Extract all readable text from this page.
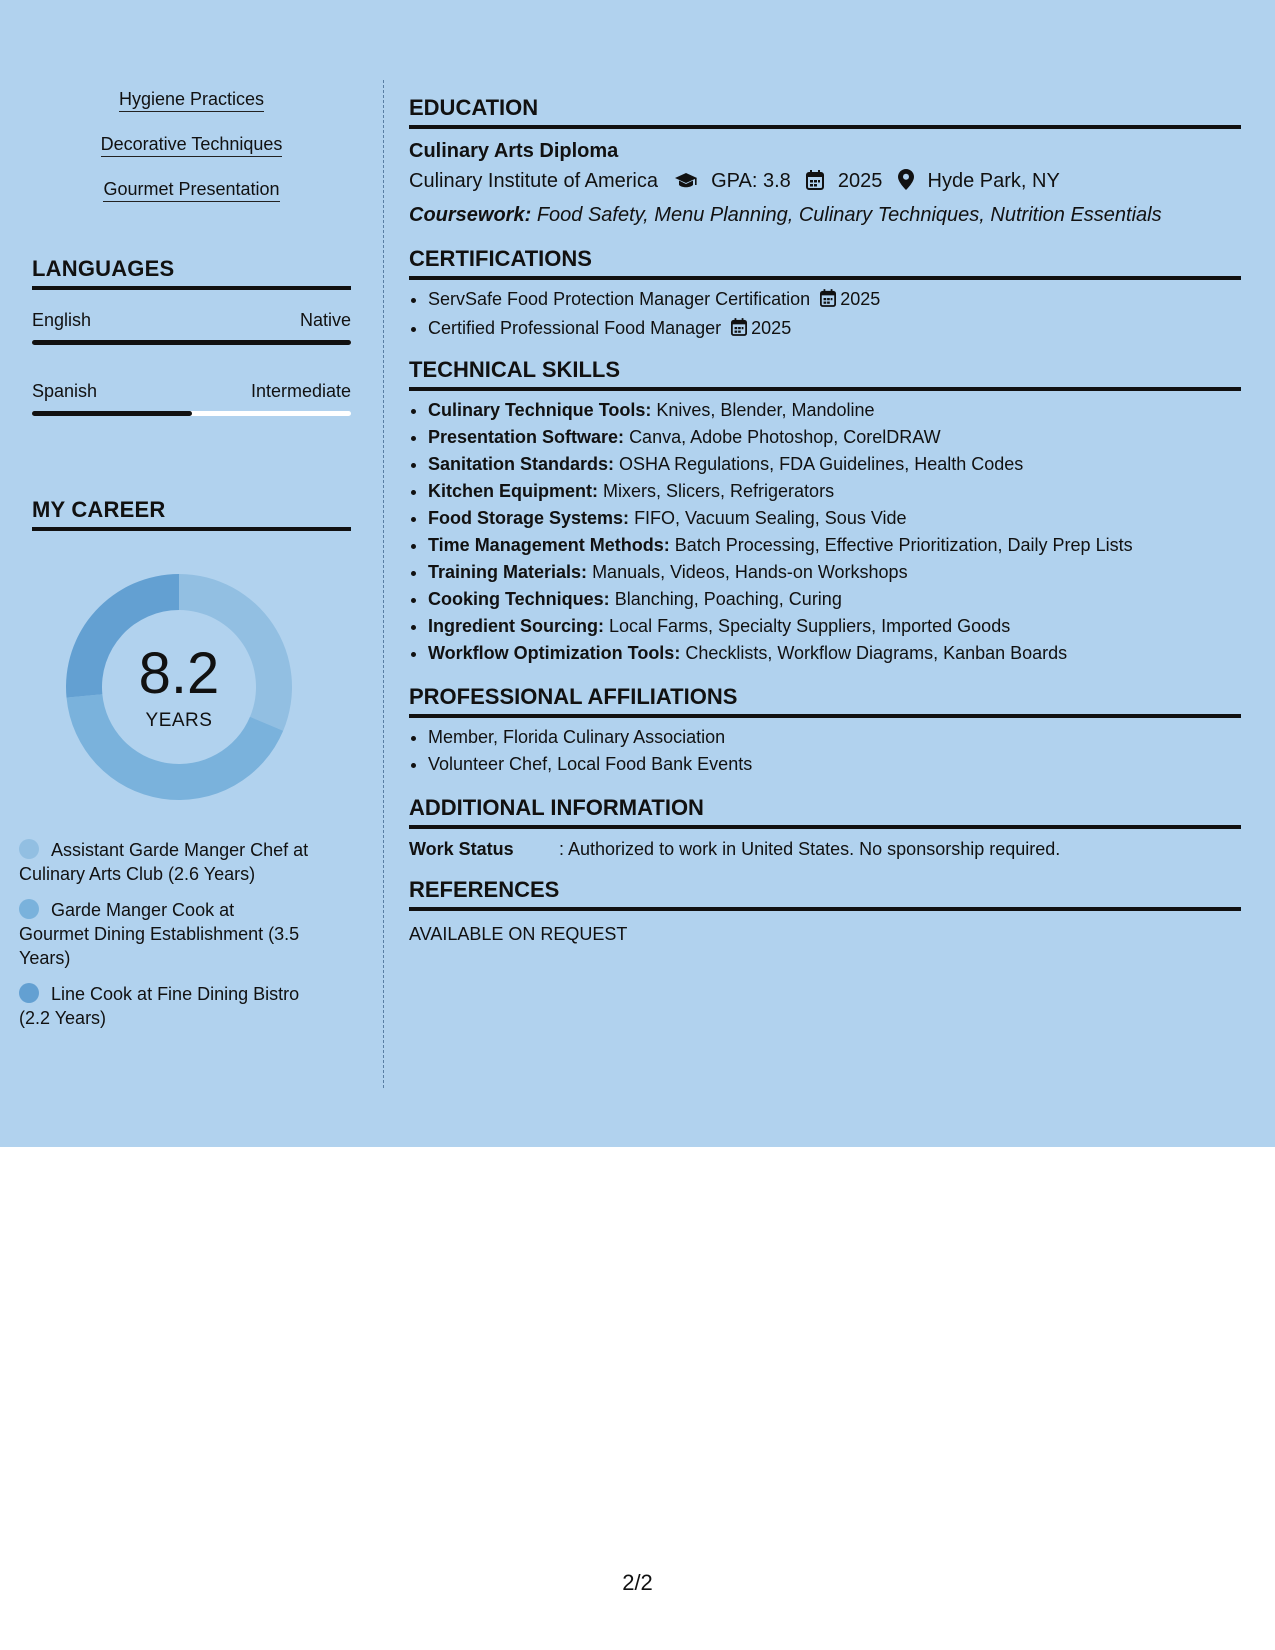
Hygiene Practices
Decorative Techniques
Gourmet Presentation
LANGUAGES
English	Native
Spanish	Intermediate
MY CAREER
8.2
YEARS
Assistant Garde Manger Chef at Culinary Arts Club (2.6 Years)
Garde Manger Cook at Gourmet Dining Establishment (3.5 Years)
Line Cook at Fine Dining Bistro (2.2 Years)
EDUCATION
Culinary Arts Diploma
Culinary Institute of America	GPA: 3.8 2025 Hyde Park, NY
Coursework: Food Safety, Menu Planning, Culinary Techniques, Nutrition Essentials
CERTIFICATIONS
• ServSafe Food Protection Manager Certification 2025
• Certified Professional Food Manager 2025
TECHNICAL SKILLS
• Culinary Technique Tools: Knives, Blender, Mandoline
• Presentation Software: Canva, Adobe Photoshop, CorelDRAW
• Sanitation Standards: OSHA Regulations, FDA Guidelines, Health Codes
• Kitchen Equipment: Mixers, Slicers, Refrigerators
• Food Storage Systems: FIFO, Vacuum Sealing, Sous Vide
• Time Management Methods: Batch Processing, Effective Prioritization, Daily Prep Lists
• Training Materials: Manuals, Videos, Hands-on Workshops
• Cooking Techniques: Blanching, Poaching, Curing
• Ingredient Sourcing: Local Farms, Specialty Suppliers, Imported Goods
• Workflow Optimization Tools: Checklists, Workflow Diagrams, Kanban Boards
PROFESSIONAL AFFILIATIONS
• Member, Florida Culinary Association
• Volunteer Chef, Local Food Bank Events
ADDITIONAL INFORMATION
Work Status	: Authorized to work in United States. No sponsorship required.
REFERENCES
AVAILABLE ON REQUEST
2/2
